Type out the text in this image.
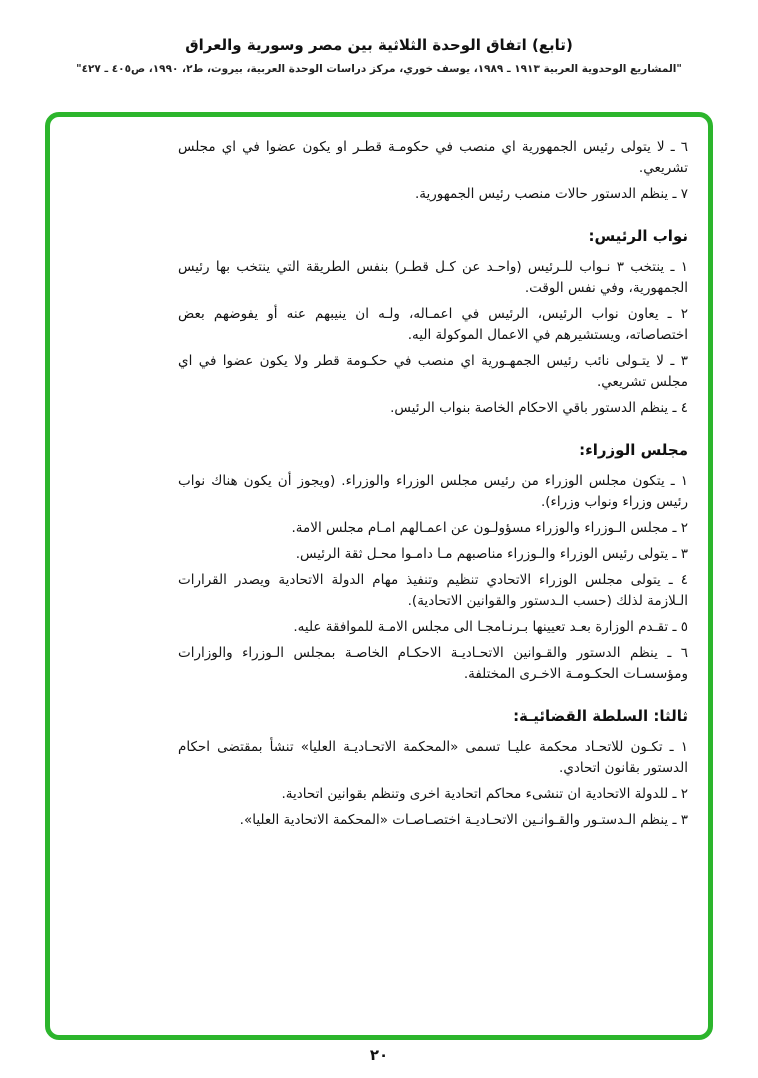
(تابع) اتفاق الوحدة الثلاثية بين مصر وسورية والعراق
"المشاريع الوحدوية العربية ١٩١٣ ـ ١٩٨٩، يوسف خوري، مركز دراسات الوحدة العربية، بيروت، ط٢، ١٩٩٠، ص٤٠٥ ـ ٤٢٧"

٦ ـ لا يتولى رئيس الجمهورية اي منصب في حكومـة قطـر او يكون عضوا في اي مجلس تشريعي.

٧ ـ ينظم الدستور حالات منصب رئيس الجمهورية.

نواب الرئيس:

١ ـ ينتخب ٣ نـواب للـرئيس (واحـد عن كـل قطـر) بنفس الطريقة التي ينتخب بها رئيس الجمهورية، وفي نفس الوقت.

٢ ـ يعاون نواب الرئيس، الرئيس في اعمـاله، ولـه ان ينيبهم عنه أو يفوضهم بعض اختصاصاته، ويستشيرهم في الاعمال الموكولة اليه.

٣ ـ لا يتـولى نائب رئيس الجمهـورية اي منصب في حكـومة قطر ولا يكون عضوا في اي مجلس تشريعي.

٤ ـ ينظم الدستور باقي الاحكام الخاصة بنواب الرئيس.

مجلس الوزراء:

١ ـ يتكون مجلس الوزراء من رئيس مجلس الوزراء والوزراء. (ويجوز أن يكون هناك نواب رئيس وزراء ونواب وزراء).

٢ ـ مجلس الـوزراء والوزراء مسؤولـون عن اعمـالهم امـام مجلس الامة.

٣ ـ يتولى رئيس الوزراء والـوزراء مناصبهم مـا دامـوا محـل ثقة الرئيس.

٤ ـ يتولى مجلس الوزراء الاتحادي تنظيم وتنفيذ مهام الدولة الاتحادية ويصدر القرارات الـلازمة لذلك (حسب الـدستور والقوانين الاتحادية).

٥ ـ تقـدم الوزارة بعـد تعيينها بـرنـامجـا الى مجلس الامـة للموافقة عليه.

٦ ـ ينظم الدستور والقـوانين الاتحـاديـة الاحكـام الخاصـة بمجلس الـوزراء والوزارات ومؤسسـات الحكـومـة الاخـرى المختلفة.

ثالثا: السلطة القضائيـة:

١ ـ تكـون للاتحـاد محكمة عليـا تسمى «المحكمة الاتحـاديـة العليا» تنشأ بمقتضى احكام الدستور بقانون اتحادي.

٢ ـ للدولة الاتحادية ان تنشىء محاكم اتحادية اخرى وتنظم بقوانين اتحادية.

٣ ـ ينظم الـدستـور والقـوانـين الاتحـاديـة اختصـاصـات «المحكمة الاتحادية العليا».

٢٠
